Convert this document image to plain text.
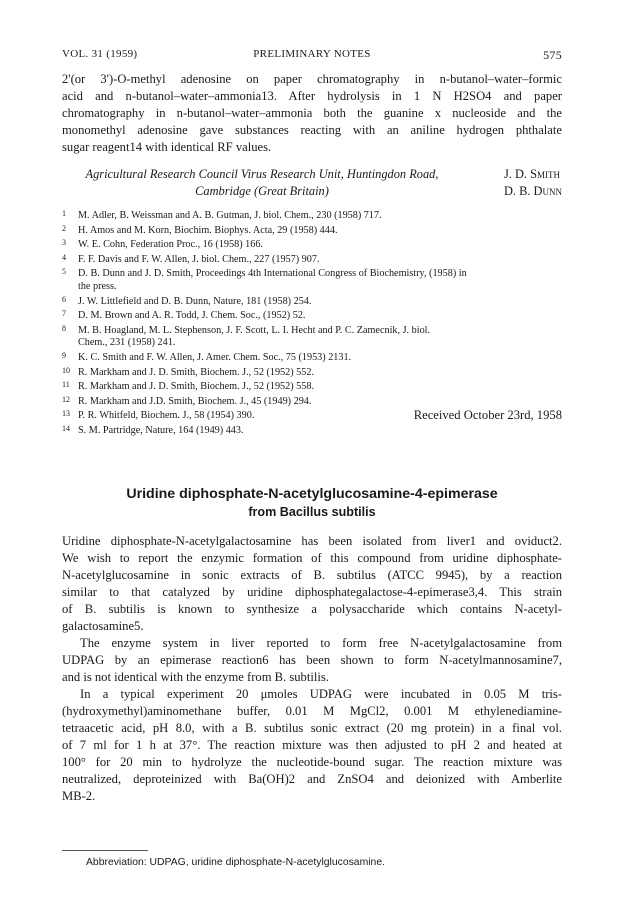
VOL. 31 (1959)	PRELIMINARY NOTES	575
2'(or 3')-O-methyl adenosine on paper chromatography in n-butanol–water–formic
acid and n-butanol–water–ammonia13. After hydrolysis in 1 N H2SO4 and paper
chromatography in n-butanol–water–ammonia both the guanine x nucleoside and the
monomethyl adenosine gave substances reacting with an aniline hydrogen phthalate
sugar reagent14 with identical RF values.
Agricultural Research Council Virus Research Unit, Huntingdon Road,
Cambridge (Great Britain)
J. D. Smith
D. B. Dunn
1 M. Adler, B. Weissman and A. B. Gutman, J. biol. Chem., 230 (1958) 717.
2 H. Amos and M. Korn, Biochim. Biophys. Acta, 29 (1958) 444.
3 W. E. Cohn, Federation Proc., 16 (1958) 166.
4 F. F. Davis and F. W. Allen, J. biol. Chem., 227 (1957) 907.
5 D. B. Dunn and J. D. Smith, Proceedings 4th International Congress of Biochemistry, (1958) in
the press.
6 J. W. Littlefield and D. B. Dunn, Nature, 181 (1958) 254.
7 D. M. Brown and A. R. Todd, J. Chem. Soc., (1952) 52.
8 M. B. Hoagland, M. L. Stephenson, J. F. Scott, L. I. Hecht and P. C. Zamecnik, J. biol.
Chem., 231 (1958) 241.
9 K. C. Smith and F. W. Allen, J. Amer. Chem. Soc., 75 (1953) 2131.
10 R. Markham and J. D. Smith, Biochem. J., 52 (1952) 552.
11 R. Markham and J. D. Smith, Biochem. J., 52 (1952) 558.
12 R. Markham and J.D. Smith, Biochem. J., 45 (1949) 294.
13 P. R. Whitfeld, Biochem. J., 58 (1954) 390.
14 S. M. Partridge, Nature, 164 (1949) 443.
Received October 23rd, 1958
Uridine diphosphate-N-acetylglucosamine-4-epimerase
from Bacillus subtilis
Uridine diphosphate-N-acetylgalactosamine has been isolated from liver1 and oviduct2.
We wish to report the enzymic formation of this compound from uridine diphosphate-
N-acetylglucosamine in sonic extracts of B. subtilus (ATCC 9945), by a reaction
similar to that catalyzed by uridine diphosphategalactose-4-epimerase3,4. This strain
of B. subtilis is known to synthesize a polysaccharide which contains N-acetyl-
galactosamine5.
The enzyme system in liver reported to form free N-acetylgalactosamine from
UDPAG by an epimerase reaction6 has been shown to form N-acetylmannosamine7,
and is not identical with the enzyme from B. subtilis.
In a typical experiment 20 μmoles UDPAG were incubated in 0.05 M tris-
(hydroxymethyl)aminomethane buffer, 0.01 M MgCl2, 0.001 M ethylenediamine-
tetraacetic acid, pH 8.0, with a B. subtilus sonic extract (20 mg protein) in a final vol.
of 7 ml for 1 h at 37°. The reaction mixture was then adjusted to pH 2 and heated at
100° for 20 min to hydrolyze the nucleotide-bound sugar. The reaction mixture was
neutralized, deproteinized with Ba(OH)2 and ZnSO4 and deionized with Amberlite
MB-2.
Abbreviation: UDPAG, uridine diphosphate-N-acetylglucosamine.
